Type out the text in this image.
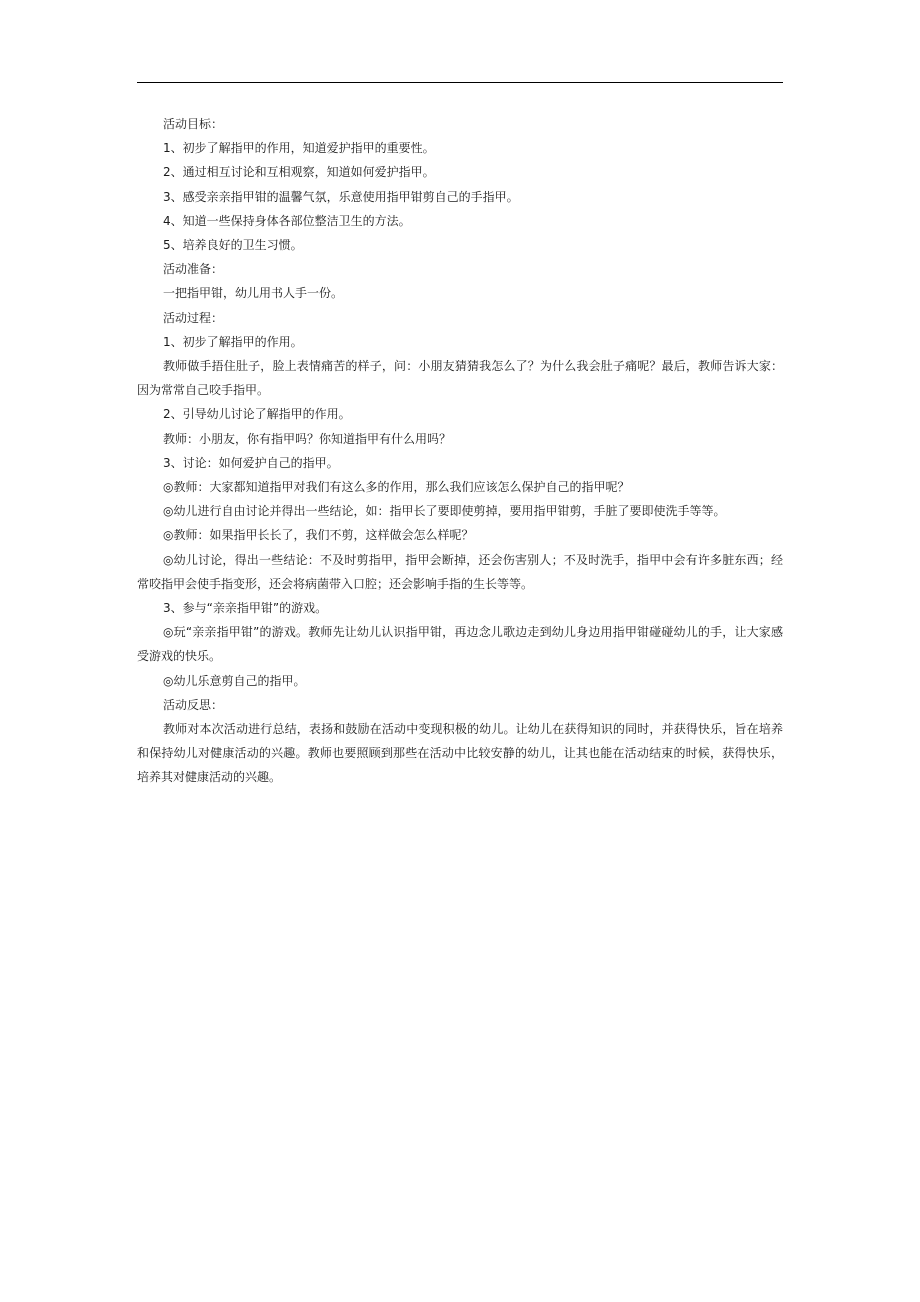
活动目标：

1、初步了解指甲的作用，知道爱护指甲的重要性。

2、通过相互讨论和互相观察，知道如何爱护指甲。

3、感受亲亲指甲钳的温馨气氛，乐意使用指甲钳剪自己的手指甲。

4、知道一些保持身体各部位整洁卫生的方法。

5、培养良好的卫生习惯。

活动准备：

一把指甲钳，幼儿用书人手一份。

活动过程：

1、初步了解指甲的作用。

教师做手捂住肚子，脸上表情痛苦的样子，问：小朋友猜猜我怎么了？为什么我会肚子痛呢？最后，教师告诉大家：因为常常自己咬手指甲。

2、引导幼儿讨论了解指甲的作用。

教师：小朋友，你有指甲吗？你知道指甲有什么用吗？

3、讨论：如何爱护自己的指甲。

◎教师：大家都知道指甲对我们有这么多的作用，那么我们应该怎么保护自己的指甲呢？

◎幼儿进行自由讨论并得出一些结论，如：指甲长了要即使剪掉，要用指甲钳剪，手脏了要即使洗手等等。

◎教师：如果指甲长长了，我们不剪，这样做会怎么样呢？

◎幼儿讨论，得出一些结论：不及时剪指甲，指甲会断掉，还会伤害别人；不及时洗手，指甲中会有许多脏东西；经常咬指甲会使手指变形，还会将病菌带入口腔；还会影响手指的生长等等。

3、参与“亲亲指甲钳”的游戏。

◎玩“亲亲指甲钳”的游戏。教师先让幼儿认识指甲钳，再边念儿歌边走到幼儿身边用指甲钳碰碰幼儿的手，让大家感受游戏的快乐。

◎幼儿乐意剪自己的指甲。

活动反思：

教师对本次活动进行总结，表扬和鼓励在活动中变现积极的幼儿。让幼儿在获得知识的同时，并获得快乐，旨在培养和保持幼儿对健康活动的兴趣。教师也要照顾到那些在活动中比较安静的幼儿，让其也能在活动结束的时候，获得快乐，培养其对健康活动的兴趣。
